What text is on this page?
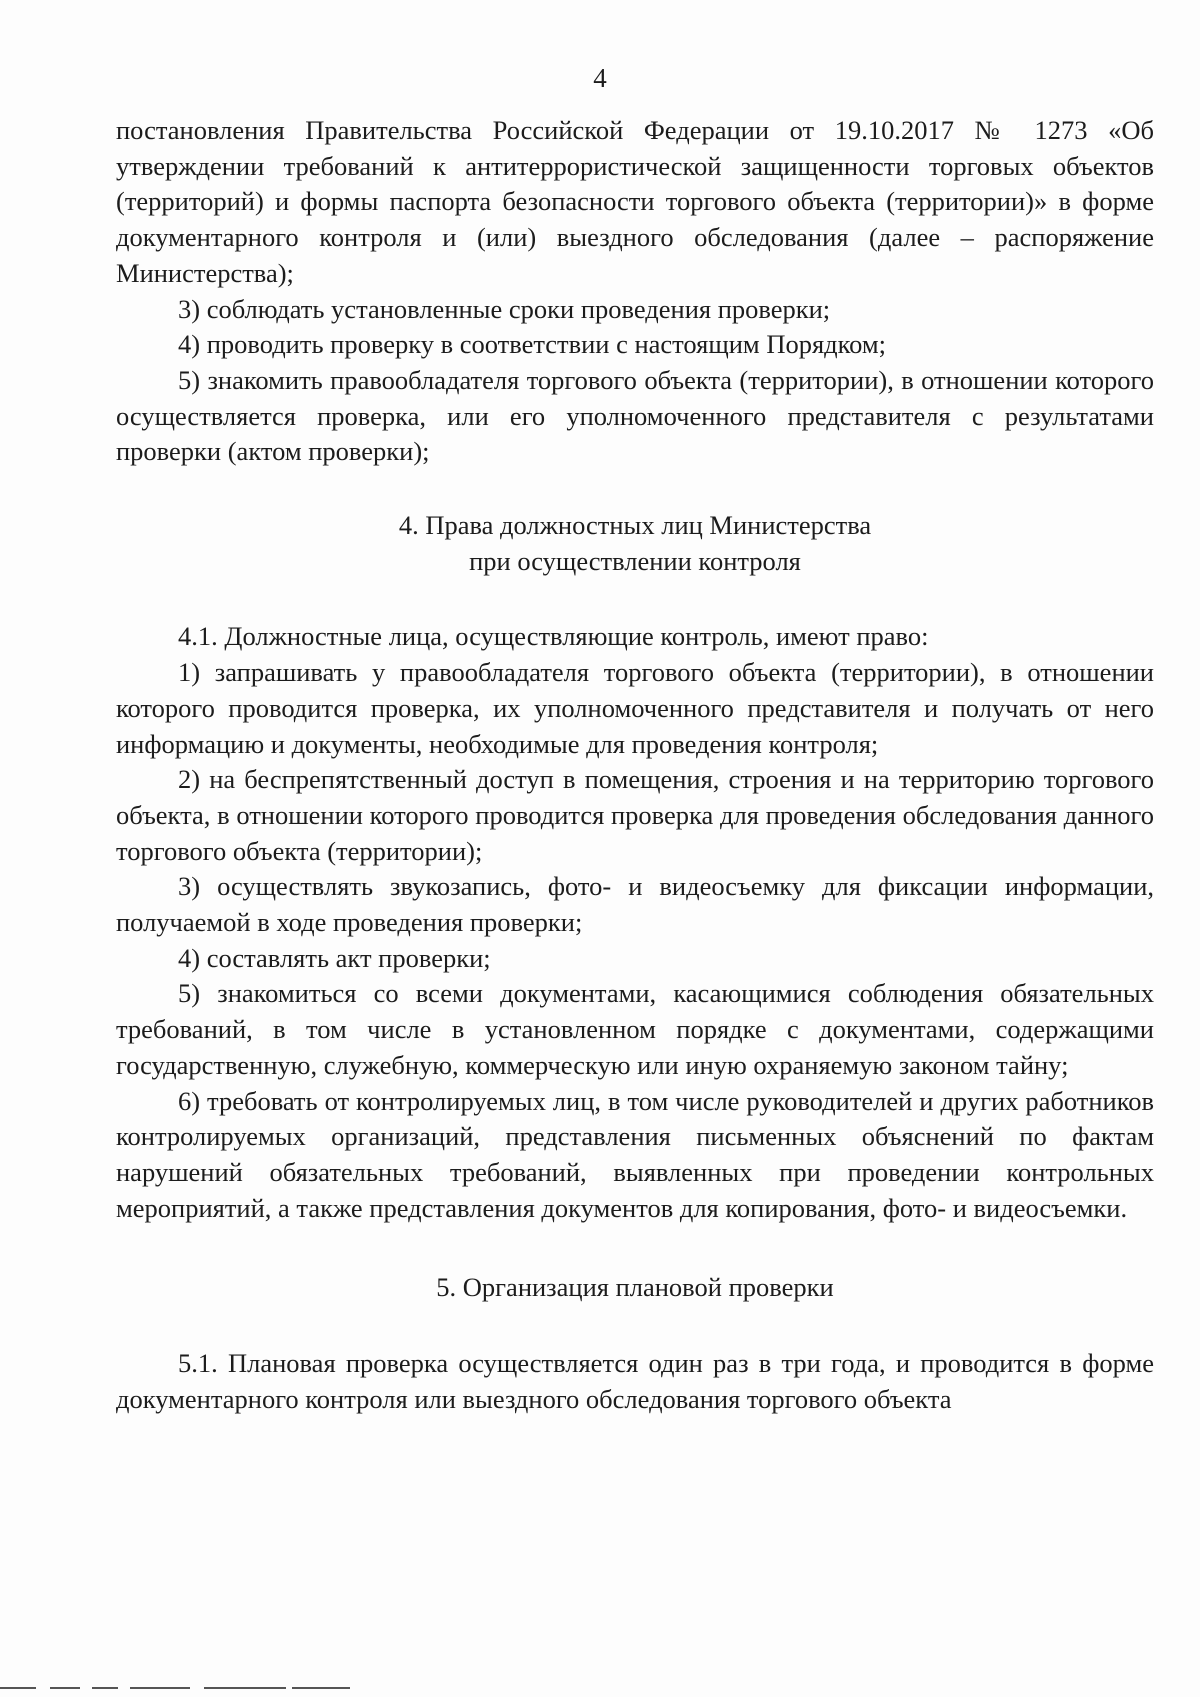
4

постановления Правительства Российской Федерации от 19.10.2017 № 1273 «Об утверждении требований к антитеррористической защищенности торговых объектов (территорий) и формы паспорта безопасности торгового объекта (территории)» в форме документарного контроля и (или) выездного обследования (далее – распоряжение Министерства);

3) соблюдать установленные сроки проведения проверки;

4) проводить проверку в соответствии с настоящим Порядком;

5) знакомить правообладателя торгового объекта (территории), в отношении которого осуществляется проверка, или его уполномоченного представителя с результатами проверки (актом проверки);

4. Права должностных лиц Министерства

при осуществлении контроля

4.1. Должностные лица, осуществляющие контроль, имеют право:

1) запрашивать у правообладателя торгового объекта (территории), в отношении которого проводится проверка, их уполномоченного представителя и получать от него информацию и документы, необходимые для проведения контроля;

2) на беспрепятственный доступ в помещения, строения и на территорию торгового объекта, в отношении которого проводится проверка для проведения обследования данного торгового объекта (территории);

3) осуществлять звукозапись, фото- и видеосъемку для фиксации информации, получаемой в ходе проведения проверки;

4) составлять акт проверки;

5) знакомиться со всеми документами, касающимися соблюдения обязательных требований, в том числе в установленном порядке с документами, содержащими государственную, служебную, коммерческую или иную охраняемую законом тайну;

6) требовать от контролируемых лиц, в том числе руководителей и других работников контролируемых организаций, представления письменных объяснений по фактам нарушений обязательных требований, выявленных при проведении контрольных мероприятий, а также представления документов для копирования, фото- и видеосъемки.

5. Организация плановой проверки

5.1. Плановая проверка осуществляется один раз в три года, и проводится в форме документарного контроля или выездного обследования торгового объекта
